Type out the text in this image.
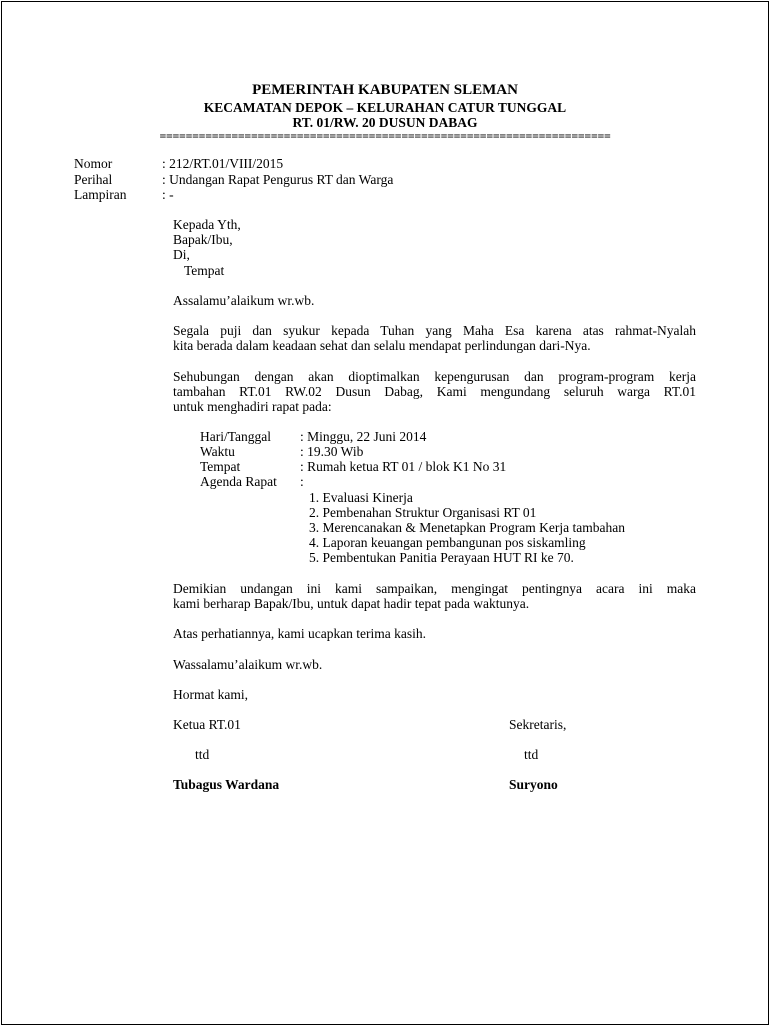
PEMERINTAH KABUPATEN SLEMAN
KECAMATAN DEPOK – KELURAHAN CATUR TUNGGAL
RT. 01/RW. 20 DUSUN DABAG
=====================================================================
Nomor	: 212/RT.01/VIII/2015
Perihal	: Undangan Rapat Pengurus RT dan Warga
Lampiran	: -
Kepada Yth,
Bapak/Ibu,
Di,
Tempat
Assalamu’alaikum wr.wb.
Segala puji dan syukur kepada Tuhan yang Maha Esa karena atas rahmat-Nyalah
kita berada dalam keadaan sehat dan selalu mendapat perlindungan dari-Nya.
Sehubungan dengan akan dioptimalkan kepengurusan dan program-program kerja
tambahan RT.01 RW.02 Dusun Dabag, Kami mengundang seluruh warga RT.01
untuk menghadiri rapat pada:
Hari/Tanggal : Minggu, 22 Juni 2014
Waktu	: 19.30 Wib
Tempat	: Rumah ketua RT 01 / blok K1 No 31
Agenda Rapat :
1. Evaluasi Kinerja
2. Pembenahan Struktur Organisasi RT 01
3. Merencanakan & Menetapkan Program Kerja tambahan
4. Laporan keuangan pembangunan pos siskamling
5. Pembentukan Panitia Perayaan HUT RI ke 70.
Demikian undangan ini kami sampaikan, mengingat pentingnya acara ini maka
kami berharap Bapak/Ibu, untuk dapat hadir tepat pada waktunya.
Atas perhatiannya, kami ucapkan terima kasih.
Wassalamu’alaikum wr.wb.
Hormat kami,
Ketua RT.01	Sekretaris,
ttd	ttd
Tubagus Wardana	Suryono
